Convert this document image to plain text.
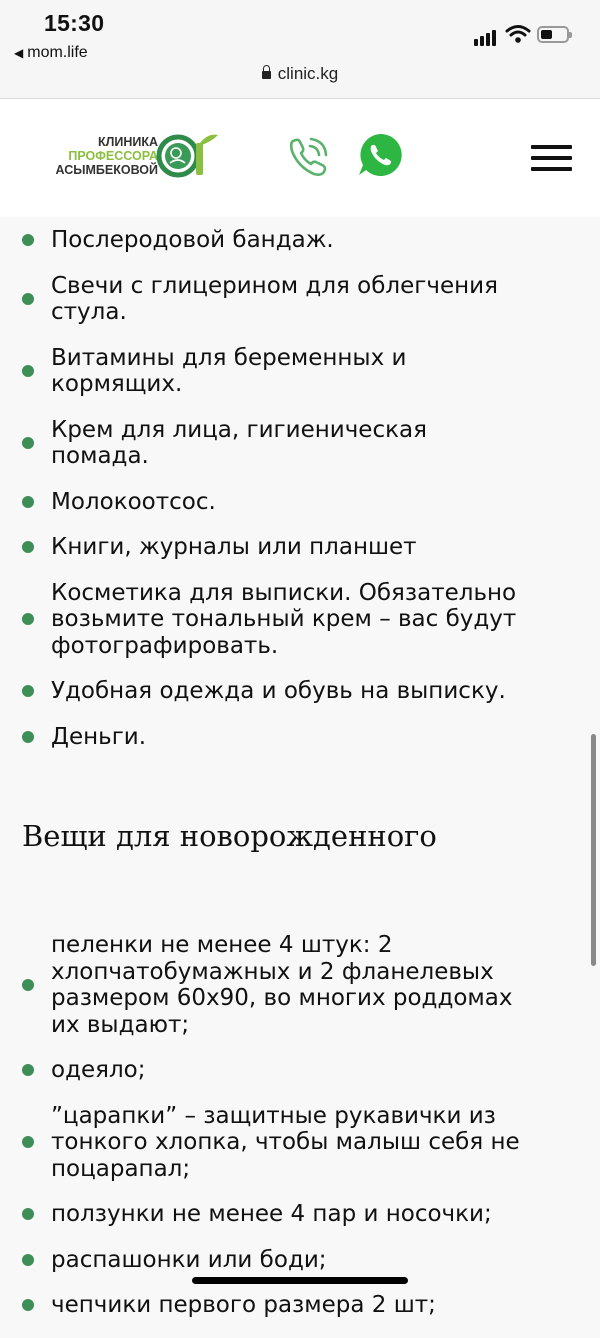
15:30
◀ mom.life
clinic.kg
КЛИНИКА
ПРОФЕССОРА
АСЫМБЕКОВОЙ
Послеродовой бандаж.
Свечи с глицерином для облегчения стула.
Витамины для беременных и кормящих.
Крем для лица, гигиеническая помада.
Молокоотсос.
Книги, журналы или планшет
Косметика для выписки. Обязательно возьмите тональный крем – вас будут фотографировать.
Удобная одежда и обувь на выписку.
Деньги.
Вещи для новорожденного
пеленки не менее 4 штук: 2 хлопчатобумажных и 2 фланелевых размером 60х90, во многих роддомах их выдают;
одеяло;
”царапки” – защитные рукавички из тонкого хлопка, чтобы малыш себя не поцарапал;
ползунки не менее 4 пар и носочки;
распашонки или боди;
чепчики первого размера 2 шт;
